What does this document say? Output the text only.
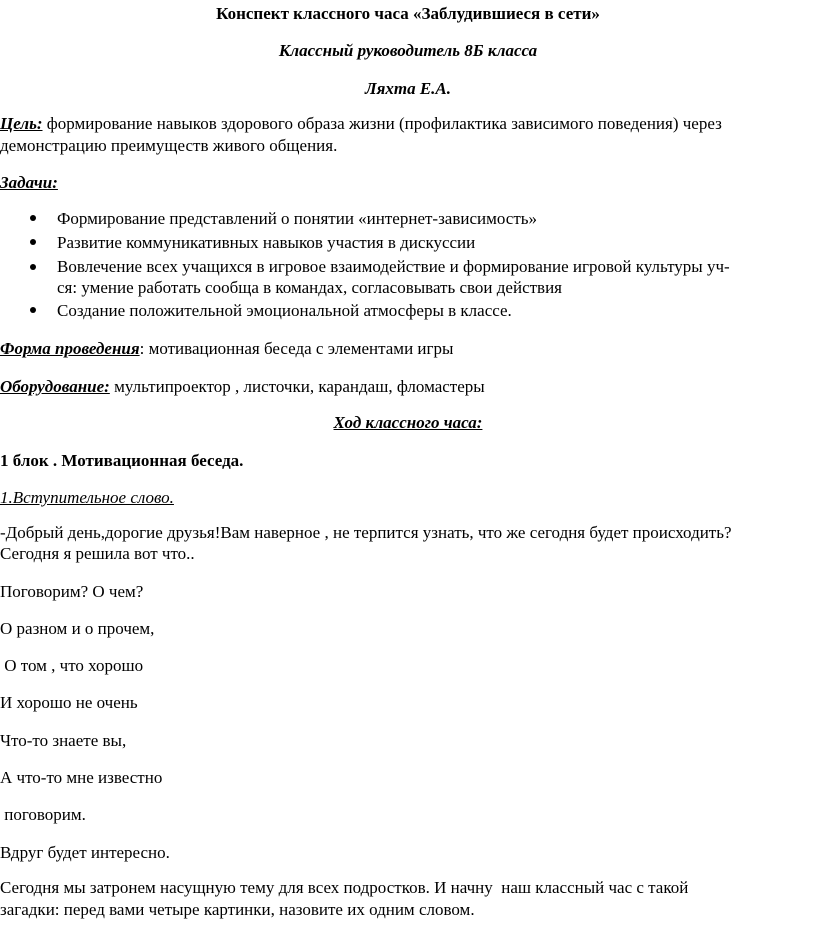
Конспект классного часа «Заблудившиеся в сети»
Классный руководитель 8Б класса
Ляхта Е.А.
Цель: формирование навыков здорового образа жизни (профилактика зависимого поведения) через
демонстрацию преимуществ живого общения.
Задачи:
Формирование представлений о понятии «интернет-зависимость»
Развитие коммуникативных навыков участия в дискуссии
Вовлечение всех учащихся в игровое взаимодействие и формирование игровой культуры уч-
ся: умение работать сообща в командах, согласовывать свои действия
Создание положительной эмоциональной атмосферы в классе.
Форма проведения: мотивационная беседа с элементами игры
Оборудование: мультипроектор , листочки, карандаш, фломастеры
Ход классного часа:
1 блок . Мотивационная беседа.
1.Вступительное слово.
-Добрый день,дорогие друзья!Вам наверное , не терпится узнать, что же сегодня будет происходить?
Сегодня я решила вот что..
Поговорим? О чем?
О разном и о прочем,
О том , что хорошо
И хорошо не очень
Что-то знаете вы,
А что-то мне известно
поговорим.
Вдруг будет интересно.
Сегодня мы затронем насущную тему для всех подростков. И начну  наш классный час с такой
загадки: перед вами четыре картинки, назовите их одним словом.
